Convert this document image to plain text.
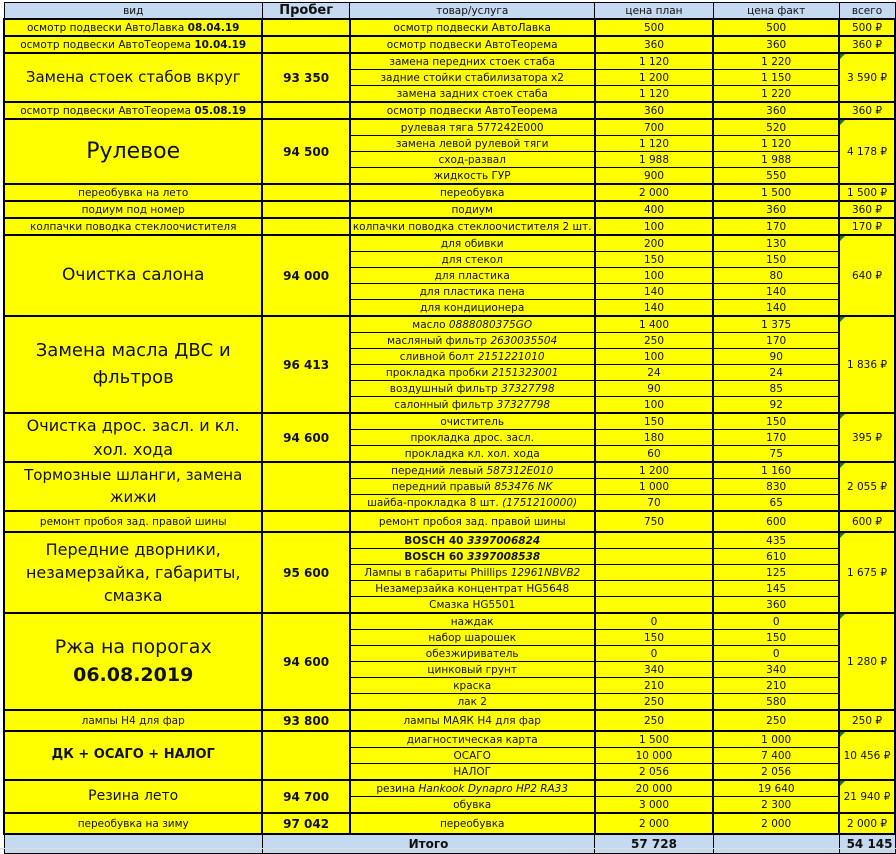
вид	Пробег	товар/услуга	цена план	цена факт	всего
осмотр подвески АвтоЛавка 08.04.19		осмотр подвески АвтоЛавка	500	500	500 ₽
осмотр подвески АвтоТеорема 10.04.19		осмотр подвески АвтоТеорема	360	360	360 ₽
Замена стоек стабов вкруг	93 350	замена передних стоек стаба	1 120	1 220	3 590 ₽
		задние стойки стабилизатора х2	1 200	1 150	
		замена задних стоек стаба	1 120	1 220	
осмотр подвески АвтоТеорема 05.08.19		осмотр подвески АвтоТеорема	360	360	360 ₽
Рулевое	94 500	рулевая тяга 577242E000	700	520	4 178 ₽
		замена левой рулевой тяги	1 120	1 120	
		сход-развал	1 988	1 988	
		жидкость ГУР	900	550	
переобувка на лето		переобувка	2 000	1 500	1 500 ₽
подиум под номер		подиум	400	360	360 ₽
колпачки поводка стеклоочистителя		колпачки поводка стеклоочистителя 2 шт.	100	170	170 ₽
Очистка салона	94 000	для обивки	200	130	640 ₽
		для стекол	150	150	
		для пластика	100	80	
		для пластика пена	140	140	
		для кондиционера	140	140	
Замена масла ДВС и фльтров	96 413	масло 0888080375GO	1 400	1 375	1 836 ₽
		масляный фильтр 2630035504	250	170	
		сливной болт 2151221010	100	90	
		прокладка пробки 2151323001	24	24	
		воздушный фильтр 37327798	90	85	
		салонный фильтр 37327798	100	92	
Очистка дрос. засл. и кл. хол. хода	94 600	очиститель	150	150	395 ₽
		прокладка дрос. засл.	180	170	
		прокладка кл. хол. хода	60	75	
Тормозные шланги, замена жижи		передний левый 587312E010	1 200	1 160	2 055 ₽
		передний правый 853476 NK	1 000	830	
		шайба-прокладка 8 шт. (1751210000)	70	65	
ремонт пробоя зад. правой шины		ремонт пробоя зад. правой шины	750	600	600 ₽
Передние дворники, незамерзайка, габариты, смазка	95 600	BOSCH 40 3397006824		435	1 675 ₽
		BOSCH 60 3397008538		610	
		Лампы в габариты Phillips 12961NBVB2		125	
		Незамерзайка концентрат HG5648		145	
		Смазка HG5501		360	
Ржа на порогах 06.08.2019	94 600	наждак	0	0	1 280 ₽
		набор шарошек	150	150	
		обезжириватель	0	0	
		цинковый грунт	340	340	
		краска	210	210	
		лак 2	250	580	
лампы H4 для фар	93 800	лампы МАЯК H4 для фар	250	250	250 ₽
ДК + ОСАГО + НАЛОГ		диагностическая карта	1 500	1 000	10 456 ₽
		ОСАГО	10 000	7 400	
		НАЛОГ	2 056	2 056	
Резина лето	94 700	резина Hankook Dynapro HP2 RA33	20 000	19 640	21 940 ₽
		обувка	3 000	2 300	
переобувка на зиму	97 042	переобувка	2 000	2 000	2 000 ₽
	Итого		57 728		54 145
